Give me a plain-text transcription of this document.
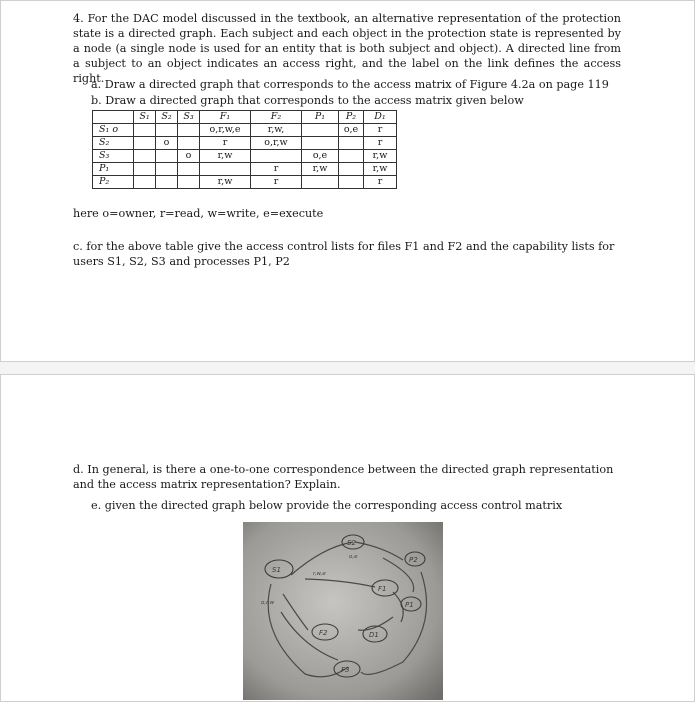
4. For the DAC model discussed in the textbook, an alternative representation of the protection state is a directed graph. Each subject and each object in the protection state is represented by a node (a single node is used for an entity that is both subject and object). A directed line from a subject to an object indicates an access right, and the label on the link defines the access right.

a. Draw a directed graph that corresponds to the access matrix of Figure 4.2a on page 119

b. Draw a directed graph that corresponds to the access matrix given below

	S₁	S₂	S₃	F₁	F₂	P₁	P₂	D₁
S₁ o				o,r,w,e	r,w,		o,e	r
S₂		o		r	o,r,w			r
S₃			o	r,w		o,e		r,w
P₁					r	r,w		r,w
P₂				r,w	r			r

here o=owner, r=read, w=write, e=execute

c. for the above table give the access control lists for files F1 and F2 and the capability lists for users S1, S2, S3 and processes P1, P2

d. In general, is there a one-to-one correspondence between the directed graph representation and the access matrix representation? Explain.

e. given the directed graph below provide the corresponding access control matrix

S2
S1
F1
P2
P1
F2	D1
F3
o,e
r,w,e
o,r,w
